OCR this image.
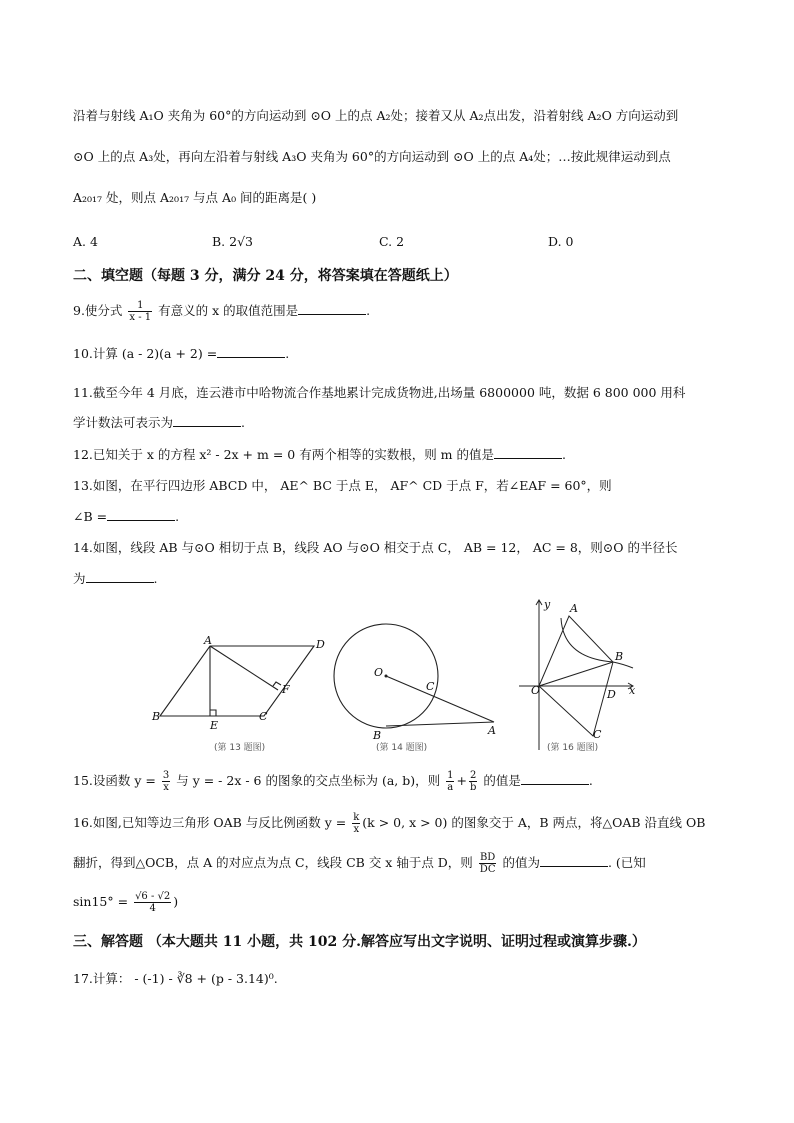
沿着与射线 A₁O 夹角为 60°的方向运动到 ⊙O 上的点 A₂处；接着又从 A₂点出发，沿着射线 A₂O 方向运动到
⊙O 上的点 A₃处，再向左沿着与射线 A₃O 夹角为 60°的方向运动到 ⊙O 上的点 A₄处；…按此规律运动到点
A₂₀₁₇ 处，则点 A₂₀₁₇ 与点 A₀ 间的距离是( )
A. 4	B. 2√3	C. 2	D. 0
二、填空题（每题 3 分，满分 24 分，将答案填在答题纸上）
9.使分式 $\frac{1}{x - 1}$ 有意义的 x 的取值范围是	.
10.计算 (a - 2)(a + 2) =	.
11.截至今年 4 月底，连云港市中哈物流合作基地累计完成货物进,出场量 6800000 吨，数据 6 800 000 用科
学计数法可表示为	.
12.已知关于 x 的方程 x² - 2x + m = 0 有两个相等的实数根，则 m 的值是	.
13.如图，在平行四边形 ABCD 中， AE^ BC 于点 E， AF^ CD 于点 F，若∠EAF = 60°，则
∠B =	.
14.如图，线段 AB 与⊙O 相切于点 B，线段 AO 与⊙O 相交于点 C， AB = 12， AC = 8，则⊙O 的半径长
为	.
A	D
B
E
C
F
(第 13 题图)
O
C
B	A
(第 14 题图)
y A
B
O	D x
C
(第 16 题图)
15.设函数 $y = \frac{3}{x}$ 与 y = - 2x - 6 的图象的交点坐标为 (a, b)，则 $\frac{1}{a} + \frac{2}{b}$ 的值是	.
16.如图,已知等边三角形 OAB 与反比例函数 $y = \frac{k}{x} (k > 0$, x > 0) 的图象交于 A，B 两点，将△OAB 沿直线 OB
翻折，得到△OCB，点 A 的对应点为点 C，线段 CB 交 x 轴于点 D，则 $\frac{BD}{DC}$ 的值为	. (已知
$\sin 15^\circ = \frac{√6 - √2}{4}$ )
三、解答题 （本大题共 11 小题，共 102 分.解答应写出文字说明、证明过程或演算步骤.）
17.计算： - (-1) - ∛8 + (p - 3.14)⁰.
